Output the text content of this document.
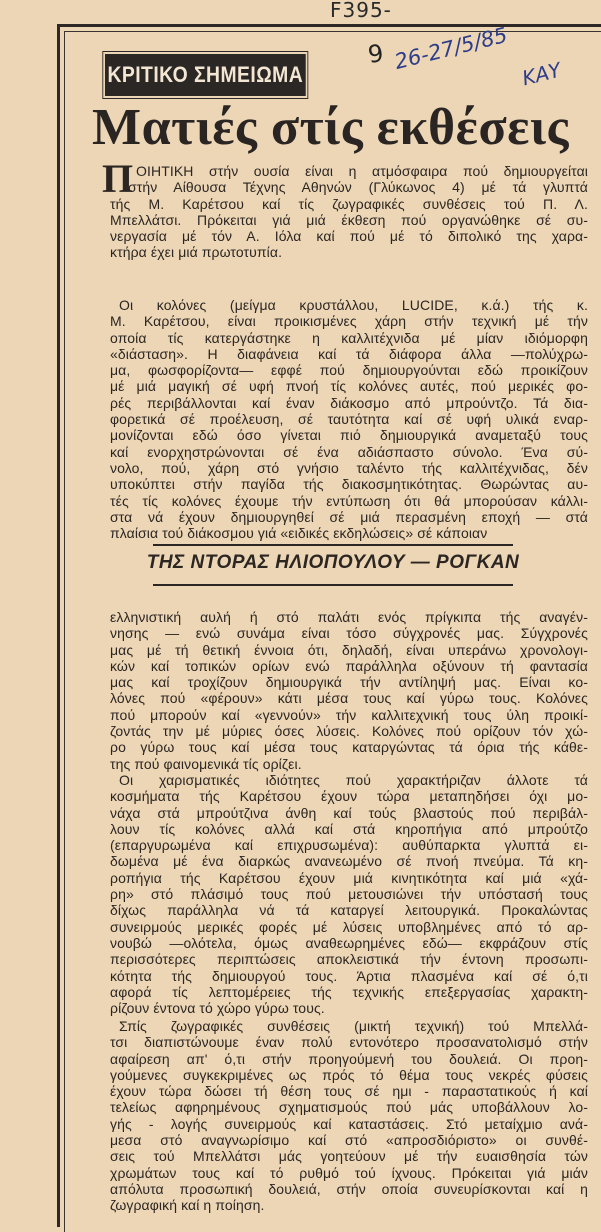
F395-
9 26-27/5/85 ΚΑΥ
ΚΡΙΤΙΚΟ ΣΗΜΕΙΩΜΑ
Ματιές στίς εκθέσεις
Π ΟΙΗΤΙΚΗ στήν ουσία είναι η ατμόσφαιρα πού δημιουργείται
στήν Αίθουσα Τέχνης Αθηνών (Γλύκωνος 4) μέ τά γλυπτά
τής Μ. Καρέτσου καί τίς ζωγραφικές συνθέσεις τού Π. Λ.
Μπελλάτσι. Πρόκειται γιά μιά έκθεση πού οργανώθηκε σέ συ-
νεργασία μέ τόν Α. Ιόλα καί πού μέ τό διπολικό της χαρα-
κτήρα έχει μιά πρωτοτυπία.
Οι κολόνες (μείγμα κρυστάλλου, LUCIDE, κ.ά.) τής κ.
Μ. Καρέτσου, είναι προικισμένες χάρη στήν τεχνική μέ τήν
οποία τίς κατεργάστηκε η καλλιτέχνιδα μέ μίαν ιδιόμορφη
«διάσταση». Η διαφάνεια καί τά διάφορα άλλα —πολύχρω-
μα, φωσφορίζοντα— εφφέ πού δημιουργούνται εδώ προικίζουν
μέ μιά μαγική σέ υφή πνοή τίς κολόνες αυτές, πού μερικές φο-
ρές περιβάλλονται καί έναν διάκοσμο από μπρούντζο. Τά δια-
φορετικά σέ προέλευση, σέ ταυτότητα καί σέ υφή υλικά εναρ-
μονίζονται εδώ όσο γίνεται πιό δημιουργικά αναμεταξύ τους
καί ενορχηστρώνονται σέ ένα αδιάσπαστο σύνολο. Ένα σύ-
νολο, πού, χάρη στό γνήσιο ταλέντο τής καλλιτέχνιδας, δέν
υποκύπτει στήν παγίδα τής διακοσμητικότητας. Θωρώντας αυ-
τές τίς κολόνες έχουμε τήν εντύπωση ότι θά μπορούσαν κάλλι-
στα νά έχουν δημιουργηθεί σέ μιά περασμένη εποχή — στά
πλαίσια τού διάκοσμου γιά «ειδικές εκδηλώσεις» σέ κάποιαν
ΤΗΣ ΝΤΟΡΑΣ ΗΛΙΟΠΟΥΛΟΥ — ΡΟΓΚΑΝ
ελληνιστική αυλή ή στό παλάτι ενός πρίγκιπα τής αναγέν-
νησης — ενώ συνάμα είναι τόσο σύγχρονές μας. Σύγχρονές
μας μέ τή θετική έννοια ότι, δηλαδή, είναι υπεράνω χρονολογι-
κών καί τοπικών ορίων ενώ παράλληλα οξύνουν τή φαντασία
μας καί τροχίζουν δημιουργικά τήν αντίληψή μας. Είναι κο-
λόνες πού «φέρουν» κάτι μέσα τους καί γύρω τους. Κολόνες
πού μπορούν καί «γεννούν» τήν καλλιτεχνική τους ύλη προικί-
ζοντάς την μέ μύριες όσες λύσεις. Κολόνες πού ορίζουν τόν χώ-
ρο γύρω τους καί μέσα τους καταργώντας τά όρια τής κάθε-
της πού φαινομενικά τίς ορίζει.
Οι χαρισματικές ιδιότητες πού χαρακτήριζαν άλλοτε τά
κοσμήματα τής Καρέτσου έχουν τώρα μεταπηδήσει όχι μο-
νάχα στά μπρούτζινα άνθη καί τούς βλαστούς πού περιβάλ-
λουν τίς κολόνες αλλά καί στά κηροπήγια από μπρούτζο
(επαργυρωμένα καί επιχρυσωμένα): αυθύπαρκτα γλυπτά ει-
δωμένα μέ ένα διαρκώς ανανεωμένο σέ πνοή πνεύμα. Τά κη-
ροπήγια τής Καρέτσου έχουν μιά κινητικότητα καί μιά «χά-
ρη» στό πλάσιμό τους πού μετουσιώνει τήν υπόστασή τους
δίχως παράλληλα νά τά καταργεί λειτουργικά. Προκαλώντας
συνειρμούς μερικές φορές μέ λύσεις υποβλημένες από τό αρ-
νουβώ —ολότελα, όμως αναθεωρημένες εδώ— εκφράζουν στίς
περισσότερες περιπτώσεις αποκλειστικά τήν έντονη προσωπι-
κότητα τής δημιουργού τους. Άρτια πλασμένα καί σέ ό,τι
αφορά τίς λεπτομέρειες τής τεχνικής επεξεργασίας χαρακτη-
ρίζουν έντονα τό χώρο γύρω τους.
Σπίς ζωγραφικές συνθέσεις (μικτή τεχνική) τού Μπελλά-
τσι διαπιστώνουμε έναν πολύ εντονότερο προσανατολισμό στήν
αφαίρεση απ' ό,τι στήν προηγούμενή του δουλειά. Οι προη-
γούμενες συγκεκριμένες ως πρός τό θέμα τους νεκρές φύσεις
έχουν τώρα δώσει τή θέση τους σέ ημι - παραστατικούς ή καί
τελείως αφηρημένους σχηματισμούς πού μάς υποβάλλουν λο-
γής - λογής συνειρμούς καί καταστάσεις. Στό μεταίχμιο ανά-
μεσα στό αναγνωρίσιμο καί στό «απροσδιόριστο» οι συνθέ-
σεις τού Μπελλάτσι μάς γοητεύουν μέ τήν ευαισθησία τών
χρωμάτων τους καί τό ρυθμό τού ίχνους. Πρόκειται γιά μιάν
απόλυτα προσωπική δουλειά, στήν οποία συνευρίσκονται καί η
ζωγραφική καί η ποίηση.
